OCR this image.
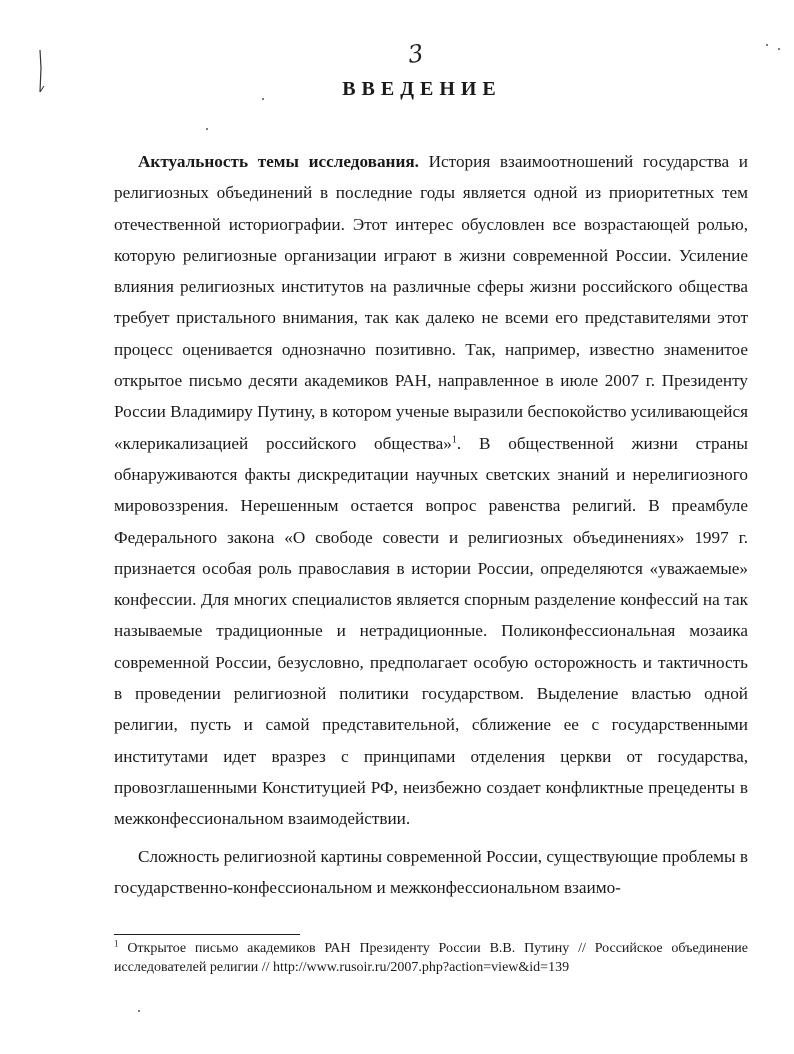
3
ВВЕДЕНИЕ

Актуальность темы исследования. История взаимоотношений государства и религиозных объединений в последние годы является одной из приоритетных тем отечественной историографии. Этот интерес обусловлен все возрастающей ролью, которую религиозные организации играют в жизни современной России. Усиление влияния религиозных институтов на различные сферы жизни российского общества требует пристального внимания, так как далеко не всеми его представителями этот процесс оценивается однозначно позитивно. Так, например, известно знаменитое открытое письмо десяти академиков РАН, направленное в июле 2007 г. Президенту России Владимиру Путину, в котором ученые выразили беспокойство усиливающейся «клерикализацией российского общества»$^1$. В общественной жизни страны обнаруживаются факты дискредитации научных светских знаний и нерелигиозного мировоззрения. Нерешенным остается вопрос равенства религий. В преамбуле Федерального закона «О свободе совести и религиозных объединениях» 1997 г. признается особая роль православия в истории России, определяются «уважаемые» конфессии. Для многих специалистов является спорным разделение конфессий на так называемые традиционные и нетрадиционные. Поликонфессиональная мозаика современной России, безусловно, предполагает особую осторожность и тактичность в проведении религиозной политики государством. Выделение властью одной религии, пусть и самой представительной, сближение ее с государственными институтами идет вразрез с принципами отделения церкви от государства, провозглашенными Конституцией РФ, неизбежно создает конфликтные прецеденты в межконфессиональном взаимодействии.

Сложность религиозной картины современной России, существующие проблемы в государственно-конфессиональном и межконфессиональном взаимо-

$^1$ Открытое письмо академиков РАН Президенту России В.В. Путину // Российское объединение исследователей религии // http://www.rusoir.ru/2007.php?action=view&id=139
